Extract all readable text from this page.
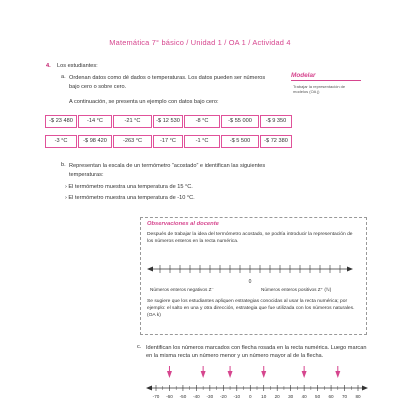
Matemática 7° básico / Unidad 1 / OA 1 / Actividad 4
4. Los estudiantes:
a. Ordenan datos como dé dados o temperaturas. Los datos pueden ser números bajo cero o sobre cero.
A continuación, se presenta un ejemplo con datos bajo cero:
Modelar
Trabajar la representación de modelos (OA j)
-$ 23 480	-14 °C	-21 °C	-$ 12 530	-8 °C	-$ 55 000	-$ 9 350
-3 °C	-$ 98 420	-263 °C	-17 °C	-1 °C	-$ 5 500	-$ 72 380
b. Representan la escala de un termómetro “acostado” e identifican las siguientes temperaturas:
› El termómetro muestra una temperatura de 15 °C.
› El termómetro muestra una temperatura de -10 °C.
Observaciones al docente
Después de trabajar la idea del termómetro acostado, se podría introducir la representación de los números enteros en la recta numérica.
0
Números enteros negativos Z⁻	Números enteros positivos Z⁺ (ℕ)
Se sugiere que los estudiantes apliquen estrategias conocidas al usar la recta numérica; por ejemplo: el salto en una y otra dirección, estrategia que fue utilizada con los números naturales. (OA k)
c. Identifican los números marcados con flecha rosada en la recta numérica. Luego marcan en la misma recta un número menor y un número mayor al de la flecha.
-70 -60 -50 -40 -30 -20 -10 0 10 20 30 40 50 60 70 80
